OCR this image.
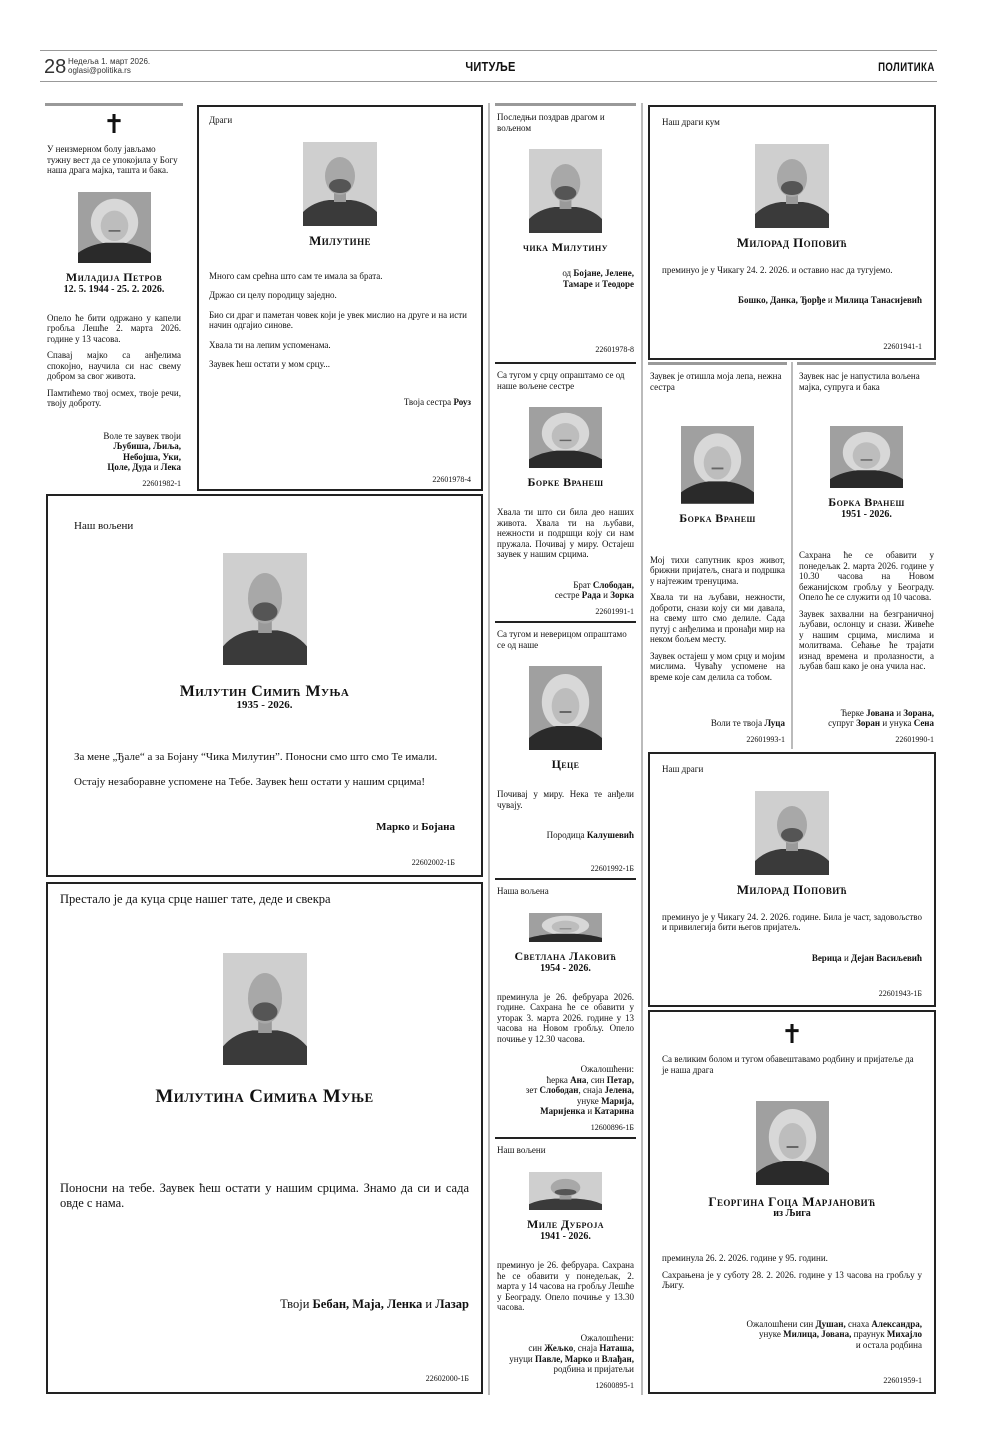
28 Недеља 1. март 2026.
oglasi@politika.rs	ЧИТУЉЕ	ПОЛИТИКА
✝
У неизмерном болу јављамо тужну вест да се упокојила у Богу наша драга мајка, ташта и бака.
Миладија Петров
12. 5. 1944 - 25. 2. 2026.

Опело ће бити одржано у капели гробља Лешће 2. марта 2026. године у 13 часова.

Спавај мајко са анђелима спокојно, научила си нас свему добром за свог живота.

Памтићемо твој осмех, твоје речи, твоју доброту.

Воле те заувек твоји
Љубиша, Љиља,
Небојша, Уки,
Цоле, Дуда и Лека
22601982-1
Драги
Милутине

Много сам срећна што сам те имала за брата.

Држао си целу породицу заједно.

Био си драг и паметан човек који је увек мислио на друге и на исти начин одгајио синове.

Хвала ти на лепим успоменама.

Заувек ћеш остати у мом срцу...

Твоја сестра Роуз
22601978-4
Наш вољени
Милутин Симић Муња
1935 - 2026.

За мене „Ђале“ а за Бојану “Чика Милутин”. Поносни смо што смо Те имали.

Остају незаборавне успомене на Тебе. Заувек ћеш остати у нашим срцима!

Марко и Бојана
22602002-1Б
Престало је да куца срце нашег тате, деде и свекра
Милутина Симића Муње

Поносни на тебе. Заувек ћеш остати у нашим срцима. Знамо да си и сада овде с нама.

Твоји Бебан, Маја, Ленка и Лазар
22602000-1Б
Последњи поздрав драгом и вољеном
чика Милутину
од Бојане, Јелене,
Тамаре и Теодоре
22601978-8
Са тугом у срцу опраштамо се од наше вољене сестре
Борке Вранеш

Хвала ти што си била део наших живота. Хвала ти на љубави, нежности и подршци коју си нам пружала. Почивај у миру. Остајеш заувек у нашим срцима.

Брат Слободан,
сестре Рада и Зорка
22601991-1
Са тугом и неверицом опраштамо се од наше
Цеце

Почивај у миру. Нека те анђели чувају.

Породица Калушевић
22601992-1Б
Наша вољена
Светлана Лаковић
1954 - 2026.

преминула је 26. фебруара 2026. године. Сахрана ће се обавити у уторак 3. марта 2026. године у 13 часова на Новом гробљу. Опело почиње у 12.30 часова.

Ожалошћени:
ћерка Ана, син Петар,
зет Слободан, снаја Јелена,
унуке Марија,
Маријенка и Катарина
12600896-1Б
Наш вољени
Миле Дуброја
1941 - 2026.

преминуо је 26. фебруара. Сахрана ће се обавити у понедељак, 2. марта у 14 часова на гробљу Лешће у Београду. Опело почиње у 13.30 часова.

Ожалошћени:
син Жељко, снаја Наташа,
унуци Павле, Марко и Влађан,
родбина и пријатељи
12600895-1
Наш драги кум
Милорад Поповић

преминуо је у Чикагу 24. 2. 2026. и оставио нас да тугујемо.

Бошко, Данка, Ђорђе и Милица Танасијевић
22601941-1
Заувек је отишла моја лепа, нежна сестра
Борка Вранеш

Мој тихи сапутник кроз живот, брижни пријатељ, снага и подршка у најтежим тренуцима.

Хвала ти на љубави, нежности, доброти, снази коју си ми давала, на свему што смо делиле. Сада путуј с анђелима и пронађи мир на неком бољем месту.

Заувек остајеш у мом срцу и мојим мислима. Чуваћу успомене на време које сам делила са тобом.

Воли те твоја Луца
22601993-1
Заувек нас је напустила вољена мајка, супруга и бака
Борка Вранеш
1951 - 2026.

Сахрана ће се обавити у понедељак 2. марта 2026. године у 10.30 часова на Новом бежанијском гробљу у Београду. Опело ће се служити од 10 часова.

Заувек захвални на безграничној љубави, ослонцу и снази. Живеће у нашим срцима, мислима и молитвама. Сећање ће трајати изнад времена и пролазности, а љубав баш како је она учила нас.

Ћерке Јована и Зорана,
супруг Зоран и унука Сена
22601990-1
Наш драги
Милорад Поповић

преминуо је у Чикагу 24. 2. 2026. године. Била је част, задовољство и привилегија бити његов пријатељ.

Верица и Дејан Васиљевић
22601943-1Б
✝
Са великим болом и тугом обавештавамо родбину и пријатеље да је наша драга
Георгина Гоца Марјановић
из Љига

преминула 26. 2. 2026. године у 95. години.

Сахрањена је у суботу 28. 2. 2026. године у 13 часова на гробљу у Љигу.

Ожалошћени син Душан, снаха Александра,
унуке Милица, Јована, праунук Михајло
и остала родбина
22601959-1
